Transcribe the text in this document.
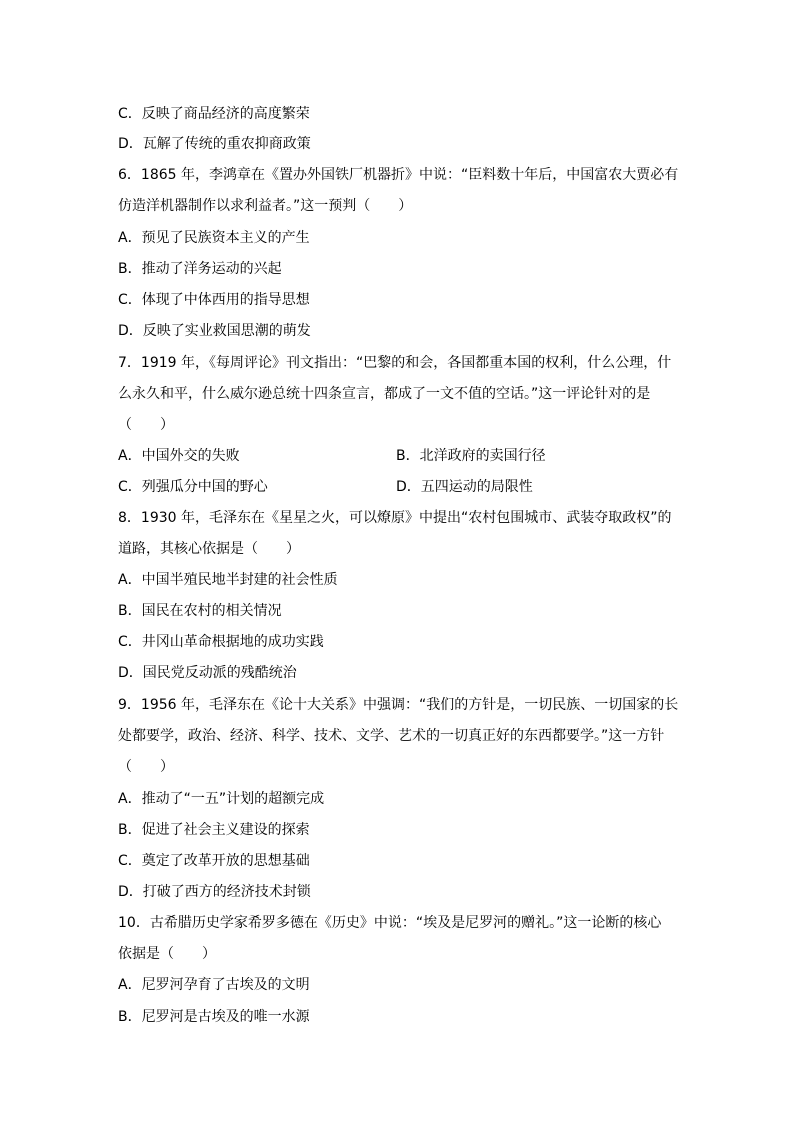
C．反映了商品经济的高度繁荣
D．瓦解了传统的重农抑商政策
6．1865 年，李鸿章在《置办外国铁厂机器折》中说：“臣料数十年后，中国富农大贾必有
仿造洋机器制作以求利益者。”这一预判（　　）
A．预见了民族资本主义的产生
B．推动了洋务运动的兴起
C．体现了中体西用的指导思想
D．反映了实业救国思潮的萌发
7．1919 年，《每周评论》刊文指出：“巴黎的和会，各国都重本国的权利，什么公理，什
么永久和平，什么威尔逊总统十四条宣言，都成了一文不值的空话。”这一评论针对的是
（　　）
A．中国外交的失败	B．北洋政府的卖国行径
C．列强瓜分中国的野心	D．五四运动的局限性
8．1930 年，毛泽东在《星星之火，可以燎原》中提出“农村包围城市、武装夺取政权”的
道路，其核心依据是（　　）
A．中国半殖民地半封建的社会性质
B．国民在农村的相关情况
C．井冈山革命根据地的成功实践
D．国民党反动派的残酷统治
9．1956 年，毛泽东在《论十大关系》中强调：“我们的方针是，一切民族、一切国家的长
处都要学，政治、经济、科学、技术、文学、艺术的一切真正好的东西都要学。”这一方针
（　　）
A．推动了“一五”计划的超额完成
B．促进了社会主义建设的探索
C．奠定了改革开放的思想基础
D．打破了西方的经济技术封锁
10．古希腊历史学家希罗多德在《历史》中说：“埃及是尼罗河的赠礼。”这一论断的核心
依据是（　　）
A．尼罗河孕育了古埃及的文明
B．尼罗河是古埃及的唯一水源
